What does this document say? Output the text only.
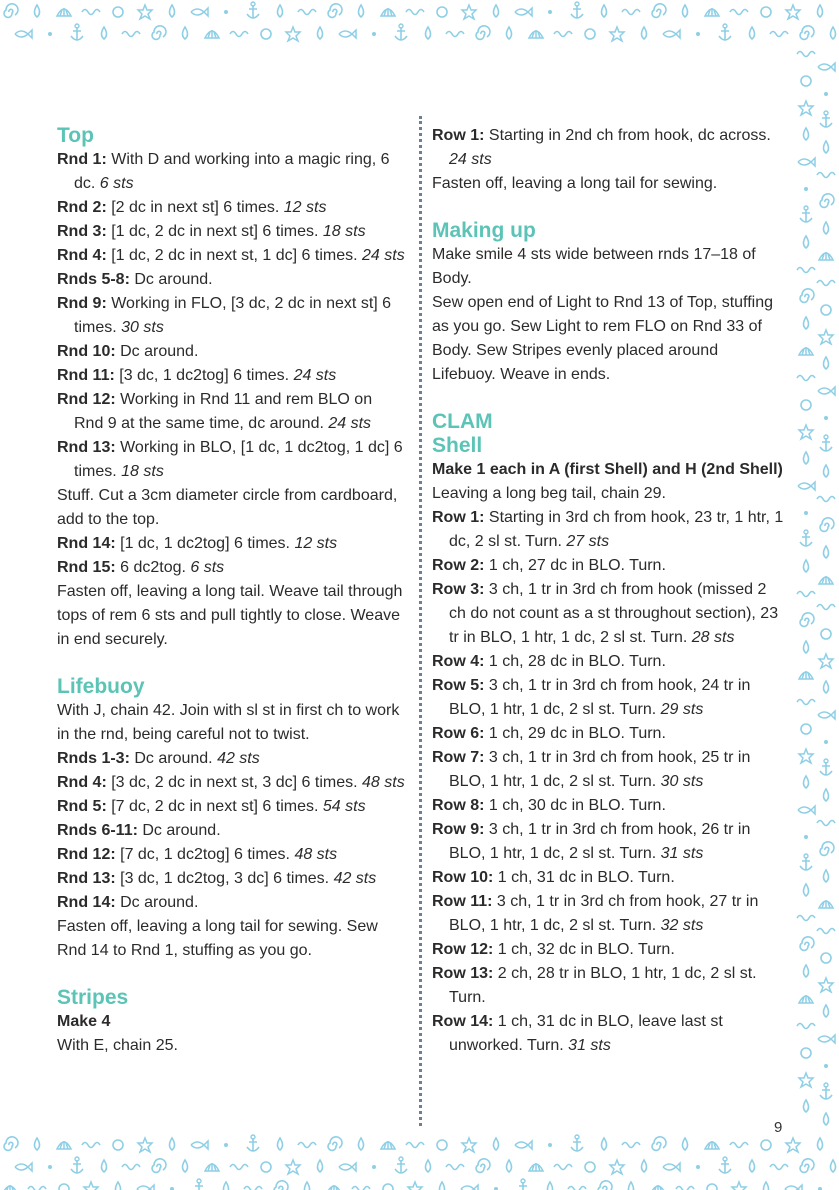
Top

Rnd 1: With D and working into a magic ring, 6 dc. 6 sts

Rnd 2: [2 dc in next st] 6 times. 12 sts

Rnd 3: [1 dc, 2 dc in next st] 6 times. 18 sts

Rnd 4: [1 dc, 2 dc in next st, 1 dc] 6 times. 24 sts

Rnds 5-8: Dc around.

Rnd 9: Working in FLO, [3 dc, 2 dc in next st] 6 times. 30 sts

Rnd 10: Dc around.

Rnd 11: [3 dc, 1 dc2tog] 6 times. 24 sts

Rnd 12: Working in Rnd 11 and rem BLO on Rnd 9 at the same time, dc around. 24 sts

Rnd 13: Working in BLO, [1 dc, 1 dc2tog, 1 dc] 6 times. 18 sts

Stuff. Cut a 3cm diameter circle from cardboard, add to the top.

Rnd 14: [1 dc, 1 dc2tog] 6 times. 12 sts

Rnd 15: 6 dc2tog. 6 sts

Fasten off, leaving a long tail. Weave tail through tops of rem 6 sts and pull tightly to close. Weave in end securely.

Lifebuoy

With J, chain 42. Join with sl st in first ch to work in the rnd, being careful not to twist.

Rnds 1-3: Dc around. 42 sts

Rnd 4: [3 dc, 2 dc in next st, 3 dc] 6 times. 48 sts

Rnd 5: [7 dc, 2 dc in next st] 6 times. 54 sts

Rnds 6-11: Dc around.

Rnd 12: [7 dc, 1 dc2tog] 6 times. 48 sts

Rnd 13: [3 dc, 1 dc2tog, 3 dc] 6 times. 42 sts

Rnd 14: Dc around.

Fasten off, leaving a long tail for sewing. Sew Rnd 14 to Rnd 1, stuffing as you go.

Stripes

Make 4

With E, chain 25.

Row 1: Starting in 2nd ch from hook, dc across. 24 sts

Fasten off, leaving a long tail for sewing.

Making up

Make smile 4 sts wide between rnds 17–18 of Body.

Sew open end of Light to Rnd 13 of Top, stuffing as you go. Sew Light to rem FLO on Rnd 33 of Body. Sew Stripes evenly placed around Lifebuoy. Weave in ends.

CLAM
Shell

Make 1 each in A (first Shell) and H (2nd Shell)

Leaving a long beg tail, chain 29.

Row 1: Starting in 3rd ch from hook, 23 tr, 1 htr, 1 dc, 2 sl st. Turn. 27 sts

Row 2: 1 ch, 27 dc in BLO. Turn.

Row 3: 3 ch, 1 tr in 3rd ch from hook (missed 2 ch do not count as a st throughout section), 23 tr in BLO, 1 htr, 1 dc, 2 sl st. Turn. 28 sts

Row 4: 1 ch, 28 dc in BLO. Turn.

Row 5: 3 ch, 1 tr in 3rd ch from hook, 24 tr in BLO, 1 htr, 1 dc, 2 sl st. Turn. 29 sts

Row 6: 1 ch, 29 dc in BLO. Turn.

Row 7: 3 ch, 1 tr in 3rd ch from hook, 25 tr in BLO, 1 htr, 1 dc, 2 sl st. Turn. 30 sts

Row 8: 1 ch, 30 dc in BLO. Turn.

Row 9: 3 ch, 1 tr in 3rd ch from hook, 26 tr in BLO, 1 htr, 1 dc, 2 sl st. Turn. 31 sts

Row 10: 1 ch, 31 dc in BLO. Turn.

Row 11: 3 ch, 1 tr in 3rd ch from hook, 27 tr in BLO, 1 htr, 1 dc, 2 sl st. Turn. 32 sts

Row 12: 1 ch, 32 dc in BLO. Turn.

Row 13: 2 ch, 28 tr in BLO, 1 htr, 1 dc, 2 sl st. Turn.

Row 14: 1 ch, 31 dc in BLO, leave last st unworked. Turn. 31 sts

9
